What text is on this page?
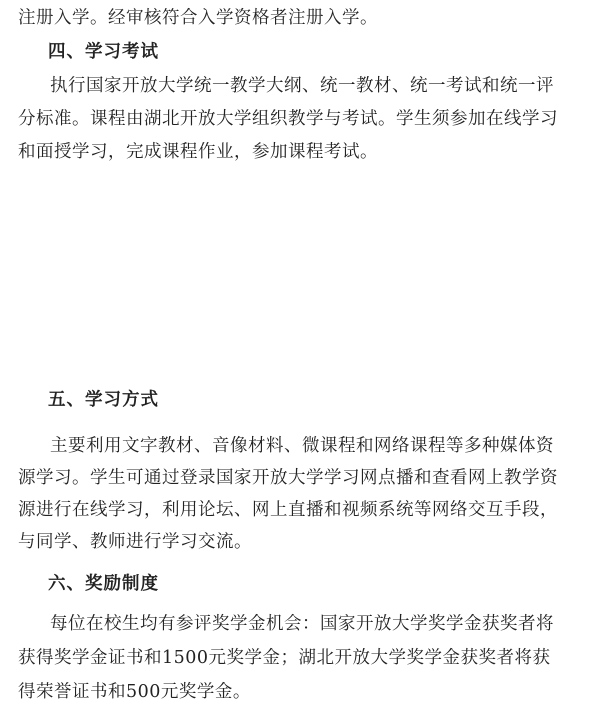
注册入学。经审核符合入学资格者注册入学。
四、学习考试
执行国家开放大学统一教学大纲、统一教材、统一考试和统一评
分标准。课程由湖北开放大学组织教学与考试。学生须参加在线学习
和面授学习，完成课程作业，参加课程考试。
五、学习方式
主要利用文字教材、音像材料、微课程和网络课程等多种媒体资
源学习。学生可通过登录国家开放大学学习网点播和查看网上教学资
源进行在线学习，利用论坛、网上直播和视频系统等网络交互手段，
与同学、教师进行学习交流。
六、奖励制度
每位在校生均有参评奖学金机会：国家开放大学奖学金获奖者将
获得奖学金证书和1500元奖学金；湖北开放大学奖学金获奖者将获
得荣誉证书和500元奖学金。
